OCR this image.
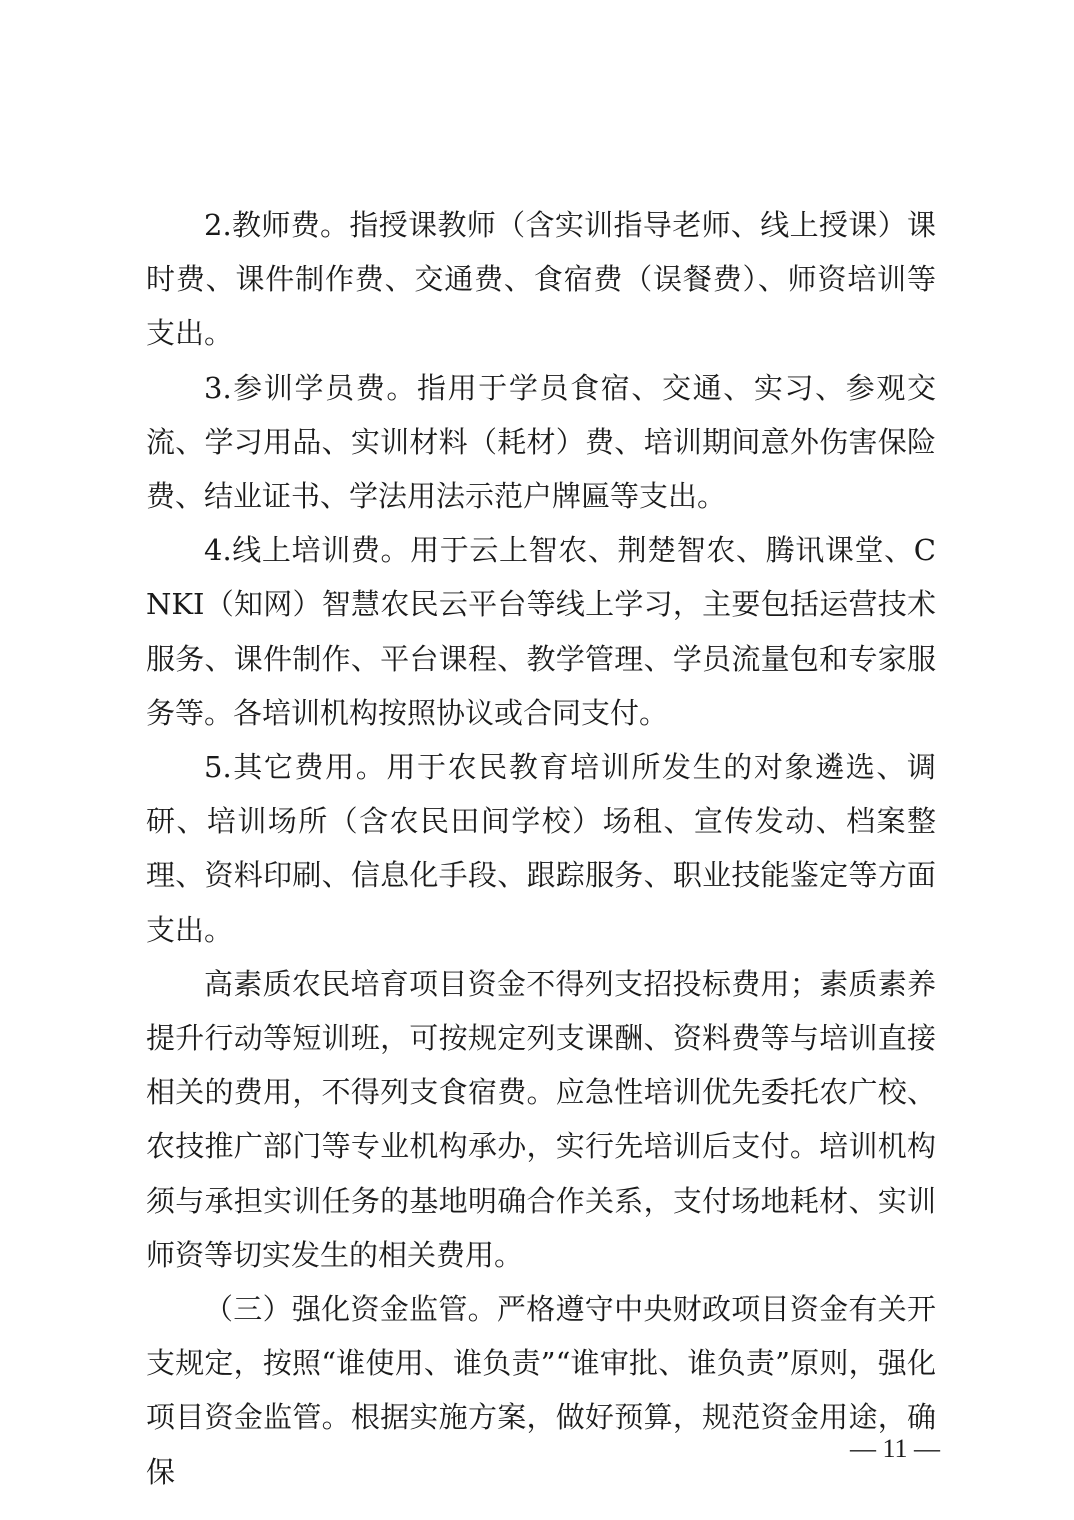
2.教师费。指授课教师（含实训指导老师、线上授课）课时费、课件制作费、交通费、食宿费（误餐费）、师资培训等支出。

3.参训学员费。指用于学员食宿、交通、实习、参观交流、学习用品、实训材料（耗材）费、培训期间意外伤害保险费、结业证书、学法用法示范户牌匾等支出。

4.线上培训费。用于云上智农、荆楚智农、腾讯课堂、CNKI（知网）智慧农民云平台等线上学习，主要包括运营技术服务、课件制作、平台课程、教学管理、学员流量包和专家服务等。各培训机构按照协议或合同支付。

5.其它费用。用于农民教育培训所发生的对象遴选、调研、培训场所（含农民田间学校）场租、宣传发动、档案整理、资料印刷、信息化手段、跟踪服务、职业技能鉴定等方面支出。

高素质农民培育项目资金不得列支招投标费用；素质素养提升行动等短训班，可按规定列支课酬、资料费等与培训直接相关的费用，不得列支食宿费。应急性培训优先委托农广校、农技推广部门等专业机构承办，实行先培训后支付。培训机构须与承担实训任务的基地明确合作关系，支付场地耗材、实训师资等切实发生的相关费用。

（三）强化资金监管。严格遵守中央财政项目资金有关开支规定，按照“谁使用、谁负责”“谁审批、谁负责”原则，强化项目资金监管。根据实施方案，做好预算，规范资金用途，确保

— 11 —
